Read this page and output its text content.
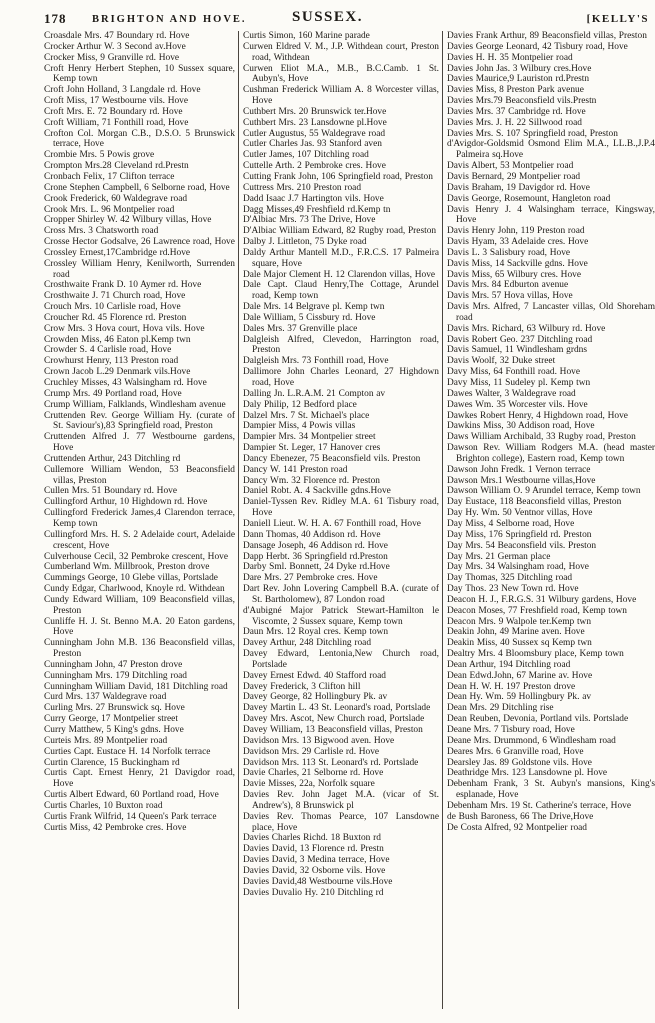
178 BRIGHTON AND HOVE.	SUSSEX.	[KELLY'S

Croasdale Mrs. 47 Boundary rd. Hove

Crocker Arthur W. 3 Second av.Hove

Crocker Miss, 9 Granville rd. Hove

Croft Henry Herbert Stephen, 10 Sussex square, Kemp town

Croft John Holland, 3 Langdale rd. Hove

Croft Miss, 17 Westbourne vils. Hove

Croft Mrs. E. 72 Boundary rd. Hove

Croft William, 71 Fonthill road, Hove

Crofton Col. Morgan C.B., D.S.O. 5 Brunswick terrace, Hove

Crombie Mrs. 5 Powis grove

Crompton Mrs.28 Cleveland rd.Prestn

Cronbach Felix, 17 Clifton terrace

Crone Stephen Campbell, 6 Selborne road, Hove

Crook Frederick, 60 Waldegrave road

Crook Mrs. L. 96 Montpelier road

Cropper Shirley W. 42 Wilbury villas, Hove

Cross Mrs. 3 Chatsworth road

Crosse Hector Godsalve, 26 Lawrence road, Hove

Crossley Ernest,17Cambridge rd.Hove

Crossley William Henry, Kenilworth, Surrenden road

Crosthwaite Frank D. 10 Aymer rd. Hove

Crosthwaite J. 71 Church road, Hove

Crouch Mrs. 10 Carlisle road, Hove

Croucher Rd. 45 Florence rd. Preston

Crow Mrs. 3 Hova court, Hova vils. Hove

Crowden Miss, 46 Eaton pl.Kemp twn

Crowder S. 4 Carlisle road, Hove

Crowhurst Henry, 113 Preston road

Crown Jacob L.29 Denmark vils.Hove

Cruchley Misses, 43 Walsingham rd. Hove

Crump Mrs. 49 Portland road, Hove

Crump William, Falklands, Windlesham avenue

Cruttenden Rev. George William Hy. (curate of St. Saviour's),83 Springfield road, Preston

Cruttenden Alfred J. 77 Westbourne gardens, Hove

Cruttenden Arthur, 243 Ditchling rd

Cullemore William Wendon, 53 Beaconsfield villas, Preston

Cullen Mrs. 51 Boundary rd. Hove

Cullingford Arthur, 10 Highdown rd. Hove

Cullingford Frederick James,4 Clarendon terrace, Kemp town

Cullingford Mrs. H. S. 2 Adelaide court, Adelaide crescent, Hove

Culverhouse Cecil, 32 Pembroke crescent, Hove

Cumberland Wm. Millbrook, Preston drove

Cummings George, 10 Glebe villas, Portslade

Cundy Edgar, Charlwood, Knoyle rd. Withdean

Cundy Edward William, 109 Beaconsfield villas, Preston

Cunliffe H. J. St. Benno M.A. 20 Eaton gardens, Hove

Cunningham John M.B. 136 Beaconsfield villas, Preston

Cunningham John, 47 Preston drove

Cunningham Mrs. 179 Ditchling road

Cunningham William David, 181 Ditchling road

Curd Mrs. 137 Waldegrave road

Curling Mrs. 27 Brunswick sq. Hove

Curry George, 17 Montpelier street

Curry Matthew, 5 King's gdns. Hove

Curteis Mrs. 89 Montpelier road

Curties Capt. Eustace H. 14 Norfolk terrace

Curtin Clarence, 15 Buckingham rd

Curtis Capt. Ernest Henry, 21 Davigdor road, Hove

Curtis Albert Edward, 60 Portland road, Hove

Curtis Charles, 10 Buxton road

Curtis Frank Wilfrid, 14 Queen's Park terrace

Curtis Miss, 42 Pembroke cres. Hove

Curtis Simon, 160 Marine parade

Curwen Eldred V. M., J.P. Withdean court, Preston road, Withdean

Curwen Eliot M.A., M.B., B.C.Camb. 1 St. Aubyn's, Hove

Cushman Frederick William A. 8 Worcester villas, Hove

Cuthbert Mrs. 20 Brunswick ter.Hove

Cuthbert Mrs. 23 Lansdowne pl.Hove

Cutler Augustus, 55 Waldegrave road

Cutler Charles Jas. 93 Stanford aven

Cutler James, 107 Ditchling road

Cuttelle Arth. 2 Pembroke cres. Hove

Cutting Frank John, 106 Springfield road, Preston

Cuttress Mrs. 210 Preston road

Dadd Isaac J.7 Hartington vils. Hove

Dagg Misses,49 Freshfield rd.Kemp tn

D'Albiac Mrs. 73 The Drive, Hove

D'Albiac William Edward, 82 Rugby road, Preston

Dalby J. Littleton, 75 Dyke road

Daldy Arthur Mantell M.D., F.R.C.S. 17 Palmeira square, Hove

Dale Major Clement H. 12 Clarendon villas, Hove

Dale Capt. Claud Henry,The Cottage, Arundel road, Kemp town

Dale Mrs. 14 Belgrave pl. Kemp twn

Dale William, 5 Cissbury rd. Hove

Dales Mrs. 37 Grenville place

Dalgleish Alfred, Clevedon, Harrington road, Preston

Dalgleish Mrs. 73 Fonthill road, Hove

Dallimore John Charles Leonard, 27 Highdown road, Hove

Dalling Jn. L.R.A.M. 21 Compton av

Daly Philip, 12 Bedford place

Dalzel Mrs. 7 St. Michael's place

Dampier Miss, 4 Powis villas

Dampier Mrs. 34 Montpelier street

Dampier St. Leger, 17 Hanover cres

Dancy Ebenezer, 75 Beaconsfield vils. Preston

Dancy W. 141 Preston road

Dancy Wm. 32 Florence rd. Preston

Daniel Robt. A. 4 Sackville gdns.Hove

Daniel-Tyssen Rev. Ridley M.A. 61 Tisbury road, Hove

Daniell Lieut. W. H. A. 67 Fonthill road, Hove

Dann Thomas, 40 Addison rd. Hove

Dansage Joseph, 46 Addison rd. Hove

Dapp Herbt. 36 Springfield rd.Preston

Darby Sml. Bonnett, 24 Dyke rd.Hove

Dare Mrs. 27 Pembroke cres. Hove

Dart Rev. John Lovering Campbell B.A. (curate of St. Bartholomew), 87 London road

d'Aubigné Major Patrick Stewart-Hamilton le Viscomte, 2 Sussex square, Kemp town

Daun Mrs. 12 Royal cres. Kemp town

Davey Arthur, 248 Ditchling road

Davey Edward, Lentonia,New Church road, Portslade

Davey Ernest Edwd. 40 Stafford road

Davey Frederick, 3 Clifton hill

Davey George, 82 Hollingbury Pk. av

Davey Martin L. 43 St. Leonard's road, Portslade

Davey Mrs. Ascot, New Church road, Portslade

Davey William, 13 Beaconsfield villas, Preston

Davidson Mrs. 13 Bigwood aven. Hove

Davidson Mrs. 29 Carlisle rd. Hove

Davidson Mrs. 113 St. Leonard's rd. Portslade

Davie Charles, 21 Selborne rd. Hove

Davie Misses, 22a, Norfolk square

Davies Rev. John Jaget M.A. (vicar of St. Andrew's), 8 Brunswick pl

Davies Rev. Thomas Pearce, 107 Lansdowne place, Hove

Davies Charles Richd. 18 Buxton rd

Davies David, 13 Florence rd. Prestn

Davies David, 3 Medina terrace, Hove

Davies David, 32 Osborne vils. Hove

Davies David,48 Westbourne vils.Hove

Davies Duvalio Hy. 210 Ditchling rd

Davies Frank Arthur, 89 Beaconsfield villas, Preston

Davies George Leonard, 42 Tisbury road, Hove

Davies H. H. 35 Montpelier road

Davies John Jas. 3 Wilbury cres.Hove

Davies Maurice,9 Lauriston rd.Prestn

Davies Miss, 8 Preston Park avenue

Davies Mrs.79 Beaconsfield vils.Prestn

Davies Mrs. 37 Cambridge rd. Hove

Davies Mrs. J. H. 22 Sillwood road

Davies Mrs. S. 107 Springfield road, Preston

d'Avigdor-Goldsmid Osmond Elim M.A., LL.B.,J.P.4 Palmeira sq.Hove

Davis Albert, 53 Montpelier road

Davis Bernard, 29 Montpelier road

Davis Braham, 19 Davigdor rd. Hove

Davis George, Rosemount, Hangleton road

Davis Henry J. 4 Walsingham terrace, Kingsway, Hove

Davis Henry John, 119 Preston road

Davis Hyam, 33 Adelaide cres. Hove

Davis L. 3 Salisbury road, Hove

Davis Miss, 14 Sackville gdns. Hove

Davis Miss, 65 Wilbury cres. Hove

Davis Mrs. 84 Edburton avenue

Davis Mrs. 57 Hova villas, Hove

Davis Mrs. Alfred, 7 Lancaster villas, Old Shoreham road

Davis Mrs. Richard, 63 Wilbury rd. Hove

Davis Robert Geo. 237 Ditchling road

Davis Samuel, 11 Windlesham grdns

Davis Woolf, 32 Duke street

Davy Miss, 64 Fonthill road. Hove

Davy Miss, 11 Sudeley pl. Kemp twn

Dawes Walter, 3 Waldegrave road

Dawes Wm. 35 Worcester vils. Hove

Dawkes Robert Henry, 4 Highdown road, Hove

Dawkins Miss, 30 Addison road, Hove

Daws William Archibald, 33 Rugby road, Preston

Dawson Rev. William Rodgers M.A. (head master Brighton college), Eastern road, Kemp town

Dawson John Fredk. 1 Vernon terrace

Dawson Mrs.1 Westbourne villas,Hove

Dawson William O. 9 Arundel terrace, Kemp town

Day Eustace, 118 Beaconsfield villas, Preston

Day Hy. Wm. 50 Ventnor villas, Hove

Day Miss, 4 Selborne road, Hove

Day Miss, 176 Springfield rd. Preston

Day Mrs. 54 Beaconsfield vils. Preston

Day Mrs. 21 German place

Day Mrs. 34 Walsingham road, Hove

Day Thomas, 325 Ditchling road

Day Thos. 23 New Town rd. Hove

Deacon H. J., F.R.G.S. 31 Wilbury gardens, Hove

Deacon Moses, 77 Freshfield road, Kemp town

Deacon Mrs. 9 Walpole ter.Kemp twn

Deakin John, 49 Marine aven. Hove

Deakin Miss, 40 Sussex sq Kemp twn

Dealtry Mrs. 4 Bloomsbury place, Kemp town

Dean Arthur, 194 Ditchling road

Dean Edwd.John, 67 Marine av. Hove

Dean H. W. H. 197 Preston drove

Dean Hy. Wm. 59 Hollingbury Pk. av

Dean Mrs. 29 Ditchling rise

Dean Reuben, Devonia, Portland vils. Portslade

Deane Mrs. 7 Tisbury road, Hove

Deane Mrs. Drummond, 6 Windlesham road

Deares Mrs. 6 Granville road, Hove

Dearsley Jas. 89 Goldstone vils. Hove

Deathridge Mrs. 123 Lansdowne pl. Hove

Debenham Frank, 3 St. Aubyn's mansions, King's esplanade, Hove

Debenham Mrs. 19 St. Catherine's terrace, Hove

de Bush Baroness, 66 The Drive,Hove

De Costa Alfred, 92 Montpelier road
